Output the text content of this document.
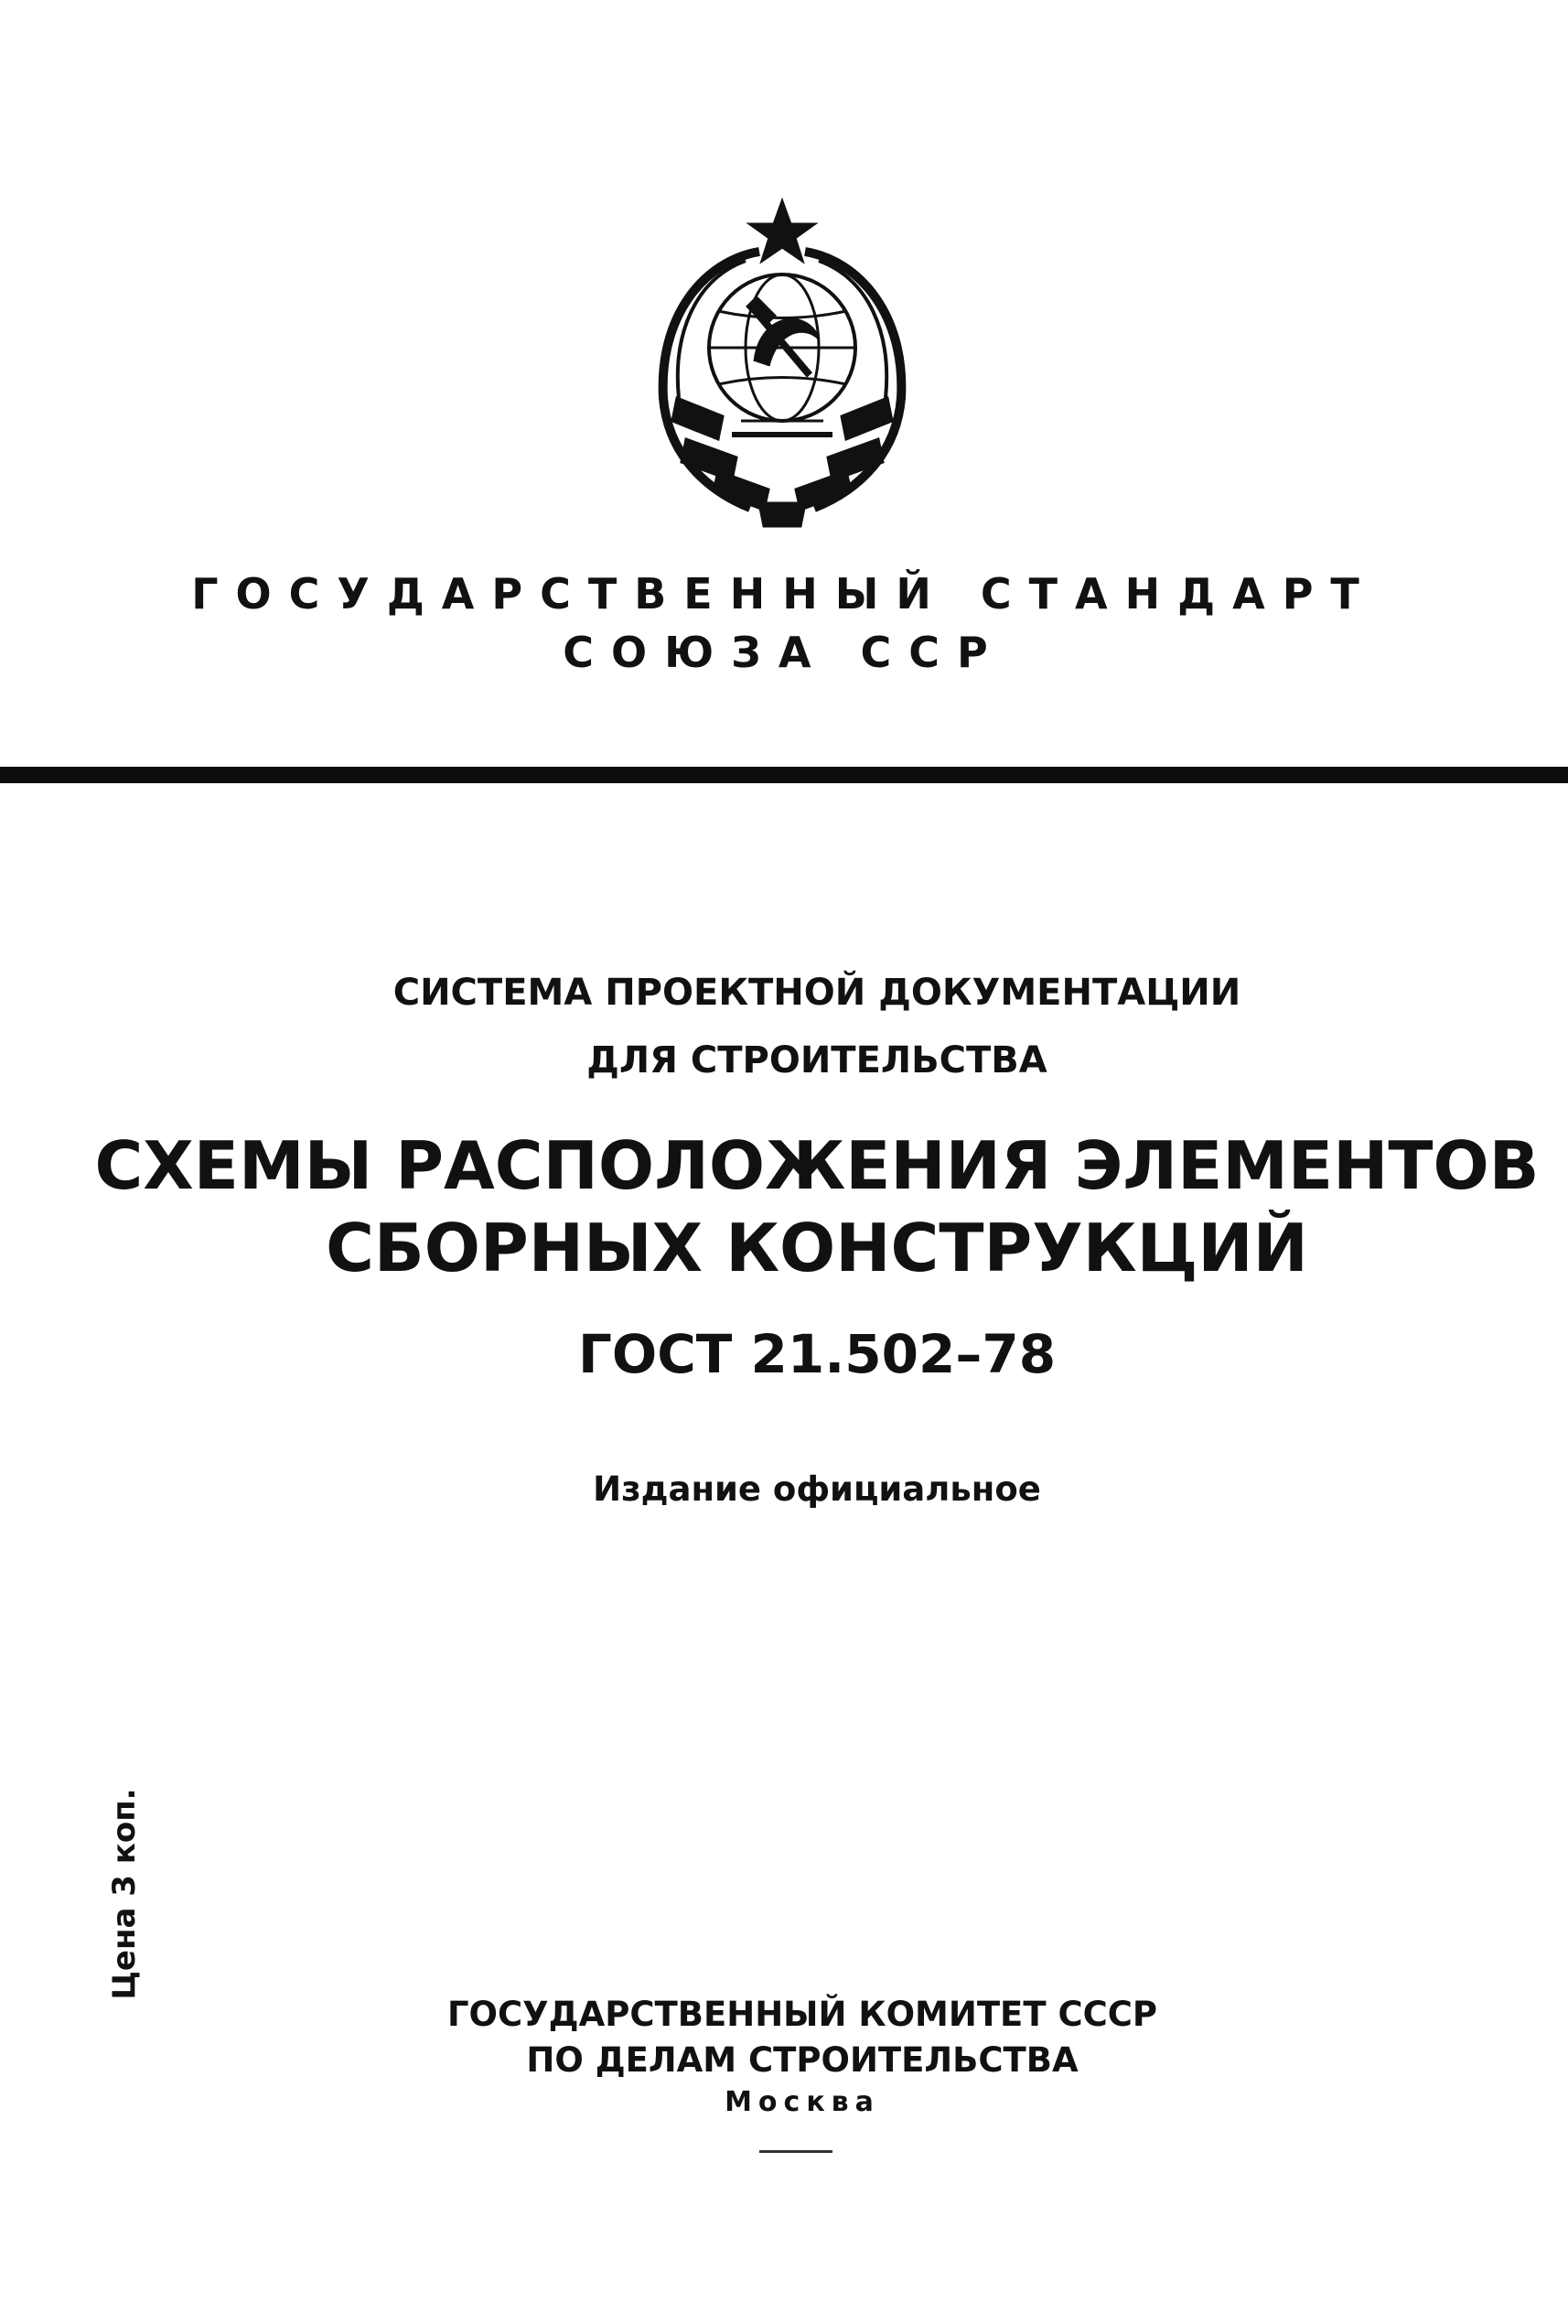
ГОСУДАРСТВЕННЫЙ СТАНДАРТ
СОЮЗА ССР
СИСТЕМА ПРОЕКТНОЙ ДОКУМЕНТАЦИИ
ДЛЯ СТРОИТЕЛЬСТВА
СХЕМЫ РАСПОЛОЖЕНИЯ ЭЛЕМЕНТОВ
СБОРНЫХ КОНСТРУКЦИЙ
ГОСТ 21.502–78
Издание официальное
Цена 3 коп.
ГОСУДАРСТВЕННЫЙ КОМИТЕТ СССР
ПО ДЕЛАМ СТРОИТЕЛЬСТВА
Москва
